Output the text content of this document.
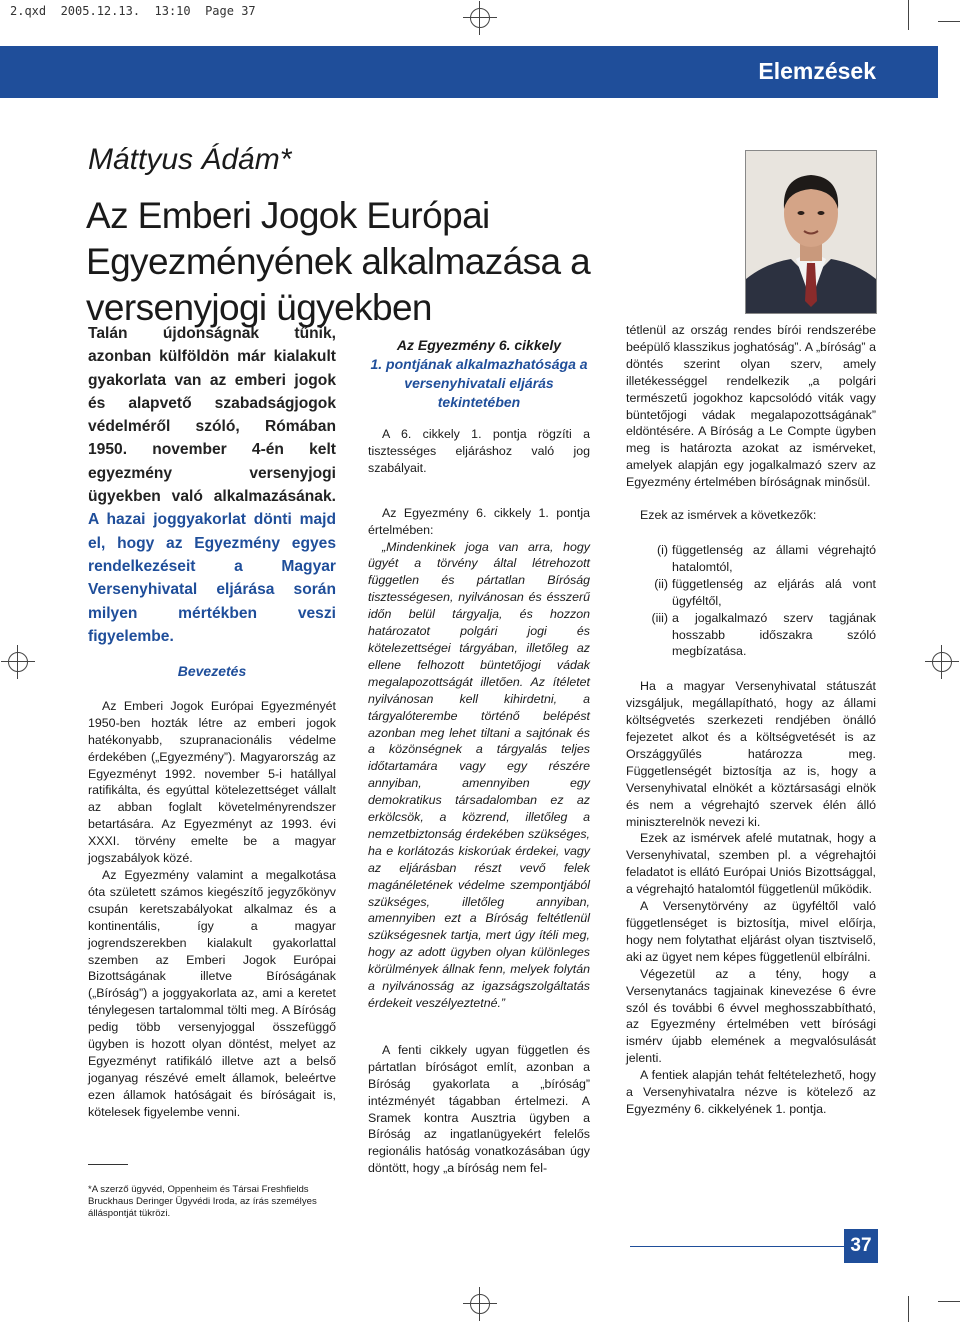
2.qxd  2005.12.13.  13:10  Page 37
Elemzések
Máttyus Ádám*
Az Emberi Jogok Európai Egyezményének alkalmazása a versenyjogi ügyekben
Talán újdonságnak tűnik, azonban külföldön már kialakult gyakorlata van az emberi jogok és alapvető szabadságjogok védelméről szóló, Rómában 1950. november 4-én kelt egyezmény versenyjogi ügyekben való alkalmazásának. A hazai joggyakorlat dönti majd el, hogy az Egyezmény egyes rendelkezéseit a Magyar Versenyhivatal eljárása során milyen mértékben veszi figyelembe.
Bevezetés

Az Emberi Jogok Európai Egyezményét 1950-ben hozták létre az emberi jogok hatékonyabb, szupranacionális védelme érdekében („Egyezmény”). Magyarország az Egyezményt 1992. november 5-i hatállyal ratifikálta, és egyúttal kötelezettséget vállalt az abban foglalt követelményrendszer betartására. Az Egyezményt az 1993. évi XXXI. törvény emelte be a magyar jogszabályok közé.

Az Egyezmény valamint a megalkotása óta született számos kiegészítő jegyzőkönyv csupán keretszabályokat alkalmaz és a kontinentális, így a magyar jogrendszerekben kialakult gyakorlattal szemben az Emberi Jogok Európai Bizottságának illetve Bíróságának („Bíróság”) a joggyakorlata az, ami a keretet ténylegesen tartalommal tölti meg. A Bíróság pedig több versenyjoggal összefüggő ügyben is hozott olyan döntést, melyet az Egyezményt ratifikáló illetve azt a belső joganyag részévé emelt államok, beleértve ezen államok hatóságait és bíróságait is, kötelesek figyelembe venni.

*A szerző ügyvéd, Oppenheim és Társai Freshfields Bruckhaus Deringer Ügyvédi Iroda, az írás személyes álláspontját tükrözi.
Az Egyezmény 6. cikkely
1. pontjának alkalmazhatósága a versenyhivatali eljárás tekintetében

A 6. cikkely 1. pontja rögzíti a tisztességes eljáráshoz való jog szabályait.

Az Egyezmény 6. cikkely 1. pontja értelmében:

„Mindenkinek joga van arra, hogy ügyét a törvény által létrehozott független és pártatlan Bíróság tisztességesen, nyilvánosan és ésszerű időn belül tárgyalja, és hozzon határozatot polgári jogi és kötelezettségei tárgyában, illetőleg az ellene felhozott büntetőjogi vádak megalapozottságát illetően. Az ítéletet nyilvánosan kell kihirdetni, a tárgyalóterembe történő belépést azonban meg lehet tiltani a sajtónak és a közönségnek a tárgyalás teljes időtartamára vagy egy részére annyiban, amennyiben egy demokratikus társadalomban ez az erkölcsök, a közrend, illetőleg a nemzetbiztonság érdekében szükséges, ha e korlátozás kiskorúak érdekei, vagy az eljárásban részt vevő felek magánéletének védelme szempontjából szükséges, illetőleg annyiban, amennyiben ezt a Bíróság feltétlenül szükségesnek tartja, mert úgy ítéli meg, hogy az adott ügyben olyan különleges körülmények állnak fenn, melyek folytán a nyilvánosság az igazságszolgáltatás érdekeit veszélyeztetné.”

A fenti cikkely ugyan független és pártatlan bíróságot említ, azonban a Bíróság gyakorlata a „bíróság” intézményét tágabban értelmezi. A Sramek kontra Ausztria ügyben a Bíróság az ingatlanügyekért felelős regionális hatóság vonatkozásában úgy döntött, hogy „a bíróság nem fel-

tétlenül az ország rendes bírói rendszerébe beépülő klasszikus joghatóság”. A „bíróság” a döntés szerint olyan szerv, amely illetékességgel rendelkezik „a polgári természetű jogokhoz kapcsolódó viták vagy büntetőjogi vádak megalapozottságának” eldöntésére. A Bíróság a Le Compte ügyben meg is határozta azokat az ismérveket, amelyek alapján egy jogalkalmazó szerv az Egyezmény értelmében bíróságnak minősül.

Ezek az ismérvek a következők:

(i) függetlenség az állami végrehajtó hatalomtól,
(ii) függetlenség az eljárás alá vont ügyféltől,
(iii) a jogalkalmazó szerv tagjának hosszabb időszakra szóló megbízatása.

Ha a magyar Versenyhivatal státuszát vizsgáljuk, megállapítható, hogy az állami költségvetés szerkezeti rendjében önálló fejezetet alkot és a költségvetését is az Országgyűlés határozza meg. Függetlenségét biztosítja az is, hogy a Versenyhivatal elnökét a köztársasági elnök és nem a végrehajtó szervek élén álló miniszterelnök nevezi ki.

Ezek az ismérvek afelé mutatnak, hogy a Versenyhivatal, szemben pl. a végrehajtói feladatot is ellátó Európai Uniós Bizottsággal, a végrehajtó hatalomtól függetlenül működik.

A Versenytörvény az ügyféltől való függetlenséget is biztosítja, mivel előírja, hogy nem folytathat eljárást olyan tisztviselő, aki az ügyet nem képes függetlenül elbírálni.

Végezetül az a tény, hogy a Versenytanács tagjainak kinevezése 6 évre szól és további 6 évvel meghosszabbítható, az Egyezmény értelmében vett bírósági ismérv újabb elemének a megvalósulását jelenti.

A fentiek alapján tehát feltételezhető, hogy a Versenyhivatalra nézve is kötelező az Egyezmény 6. cikkelyének 1. pontja.

37
